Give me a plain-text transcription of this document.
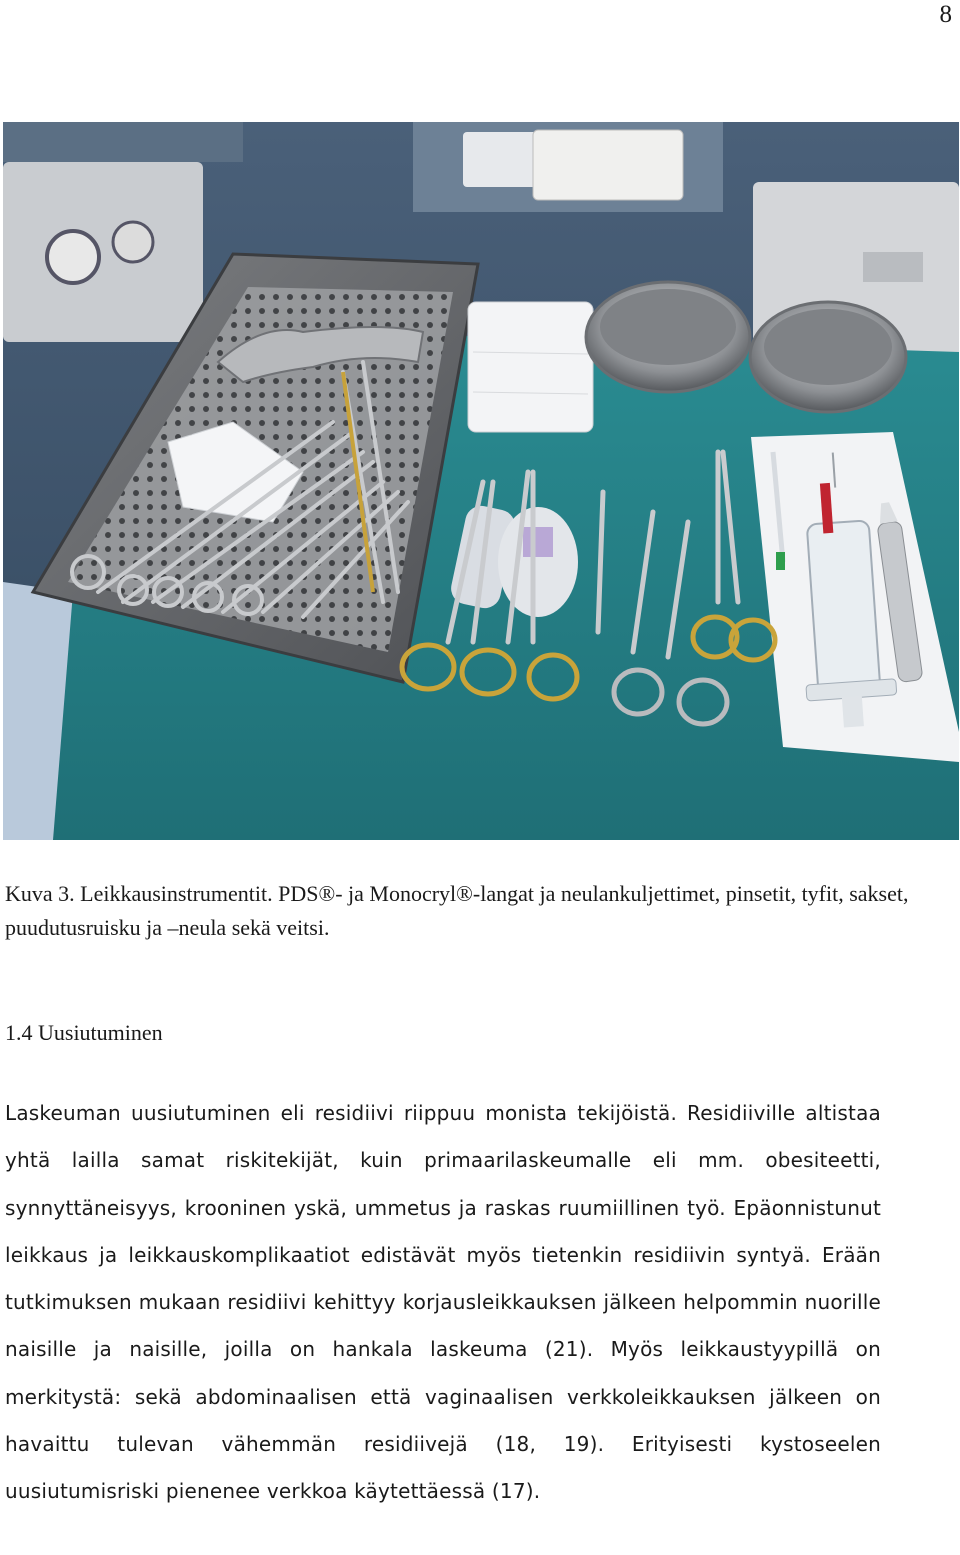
8
Kuva 3. Leikkausinstrumentit. PDS®- ja Monocryl®-langat ja neulankuljettimet, pinsetit, tyfit, sakset, puudutusruisku ja –neula sekä veitsi.
1.4 Uusiutuminen
Laskeuman uusiutuminen eli residiivi riippuu monista tekijöistä. Residiiville altistaa yhtä lailla samat riskitekijät, kuin primaarilaskeumalle eli mm. obesiteetti, synnyttäneisyys, krooninen yskä, ummetus ja raskas ruumiillinen työ. Epäonnistunut leikkaus ja leikkauskomplikaatiot edistävät myös tietenkin residiivin syntyä. Erään tutkimuksen mukaan residiivi kehittyy korjausleikkauksen jälkeen helpommin nuorille naisille ja naisille, joilla on hankala laskeuma (21). Myös leikkaustyypillä on merkitystä: sekä abdominaalisen että vaginaalisen verkkoleikkauksen jälkeen on havaittu tulevan vähemmän residiivejä (18, 19). Erityisesti kystoseelen uusiutumisriski pienenee verkkoa käytettäessä (17).
